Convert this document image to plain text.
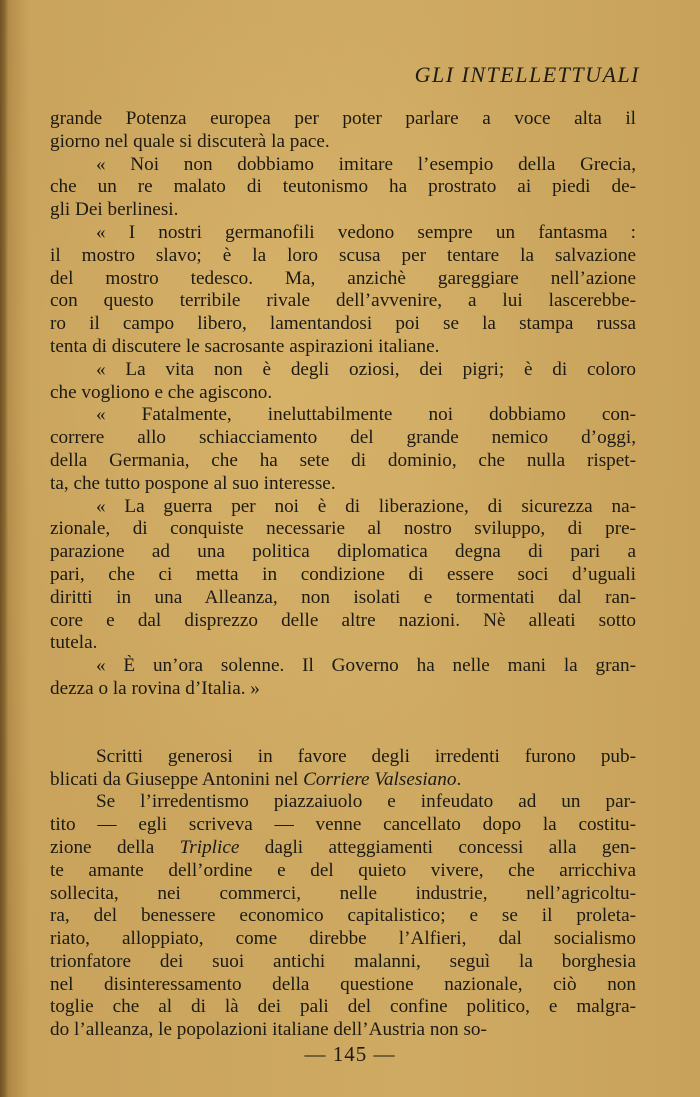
GLI INTELLETTUALI
grande Potenza europea per poter parlare a voce alta il
giorno nel quale si discuterà la pace.
« Noi non dobbiamo imitare l’esempio della Grecia,
che un re malato di teutonismo ha prostrato ai piedi de-
gli Dei berlinesi.
« I nostri germanofili vedono sempre un fantasma :
il mostro slavo; è la loro scusa per tentare la salvazione
del mostro tedesco. Ma, anzichè gareggiare nell’azione
con questo terribile rivale dell’avvenire, a lui lascerebbe-
ro il campo libero, lamentandosi poi se la stampa russa
tenta di discutere le sacrosante aspirazioni italiane.
« La vita non è degli oziosi, dei pigri; è di coloro
che vogliono e che agiscono.
« Fatalmente, ineluttabilmente noi dobbiamo con-
correre allo schiacciamento del grande nemico d’oggi,
della Germania, che ha sete di dominio, che nulla rispet-
ta, che tutto pospone al suo interesse.
« La guerra per noi è di liberazione, di sicurezza na-
zionale, di conquiste necessarie al nostro sviluppo, di pre-
parazione ad una politica diplomatica degna di pari a
pari, che ci metta in condizione di essere soci d’uguali
diritti in una Alleanza, non isolati e tormentati dal ran-
core e dal disprezzo delle altre nazioni. Nè alleati sotto
tutela.
« È un’ora solenne. Il Governo ha nelle mani la gran-
dezza o la rovina d’Italia. »
Scritti generosi in favore degli irredenti furono pub-
blicati da Giuseppe Antonini nel Corriere Valsesiano.
Se l’irredentismo piazzaiuolo e infeudato ad un par-
tito — egli scriveva — venne cancellato dopo la costitu-
zione della Triplice dagli atteggiamenti concessi alla gen-
te amante dell’ordine e del quieto vivere, che arricchiva
sollecita, nei commerci, nelle industrie, nell’agricoltu-
ra, del benessere economico capitalistico; e se il proleta-
riato, alloppiato, come direbbe l’Alfieri, dal socialismo
trionfatore dei suoi antichi malanni, seguì la borghesia
nel disinteressamento della questione nazionale, ciò non
toglie che al di là dei pali del confine politico, e malgra-
do l’alleanza, le popolazioni italiane dell’Austria non so-
— 145 —
